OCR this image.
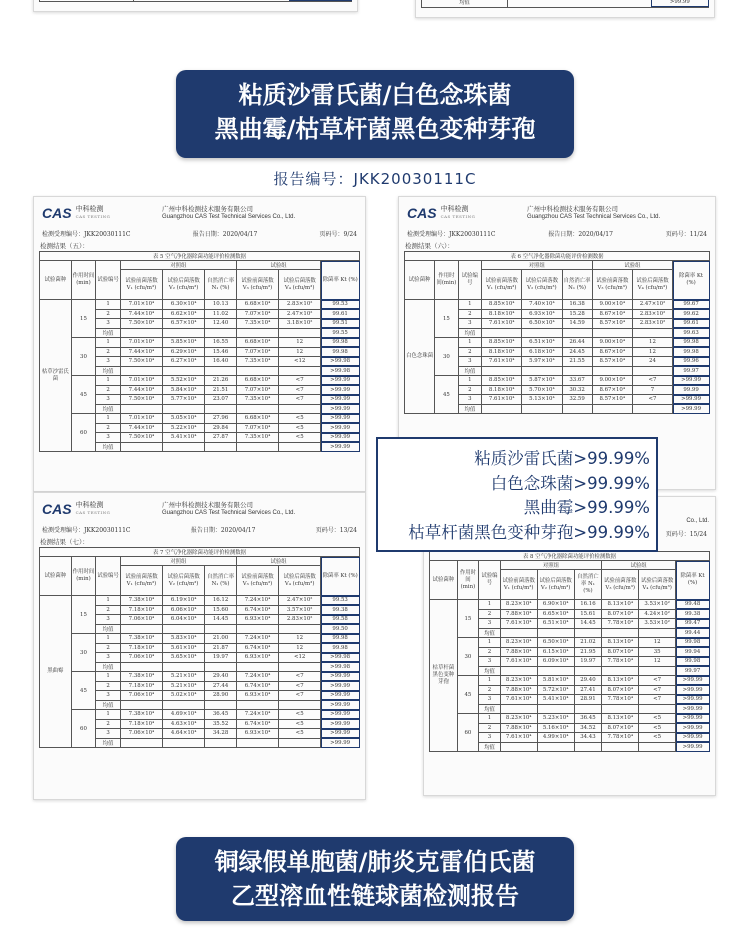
均值		>99.99
粘质沙雷氏菌/白色念珠菌
黑曲霉/枯草杆菌黑色变种芽孢
报告编号：JKK20030111C
CAS 中科检测
CAS TESTING
广州中科检测技术服务有限公司
Guangzhou CAS Test Technical Services Co., Ltd.
检测受理编号：JKK20030111C	报告日期：2020/04/17	页码号：9/24
检测结果（五）：
表 5 空气净化器除菌功能评价检测数据								
试验菌种	作用时间(min)	试验编号	对照组			试验组		除菌率 Kt (%)
			试验前菌落数 V₁ (cfu/m³)	试验后菌落数 V₂ (cfu/m³)	自然消亡率 N₁ (%)	试验前菌落数 V₃ (cfu/m³)	试验后菌落数 V₄ (cfu/m³)	
枯草沙雷氏菌	15	1	7.01×10⁴	6.30×10⁴	10.13	6.68×10⁴	2.83×10²	99.53
		2	7.44×10⁴	6.62×10⁴	11.02	7.07×10⁴	2.47×10²	99.61
		3	7.50×10⁴	6.57×10⁴	12.40	7.35×10⁴	3.18×10²	99.51
		均值						99.55
	30	1	7.01×10⁴	5.85×10⁴	16.55	6.68×10⁴	12	99.98
		2	7.44×10⁴	6.29×10⁴	15.46	7.07×10⁴	12	99.98
		3	7.50×10⁴	6.27×10⁴	16.40	7.35×10⁴	<12	>99.98
		均值						>99.98
	45	1	7.01×10⁴	5.52×10⁴	21.26	6.68×10⁴	<7	>99.99
		2	7.44×10⁴	5.84×10⁴	21.51	7.07×10⁴	<7	>99.99
		3	7.50×10⁴	5.77×10⁴	23.07	7.35×10⁴	<7	>99.99
		均值						>99.99
	60	1	7.01×10⁴	5.05×10⁴	27.96	6.68×10⁴	<5	>99.99
		2	7.44×10⁴	5.22×10⁴	29.84	7.07×10⁴	<5	>99.99
		3	7.50×10⁴	5.41×10⁴	27.87	7.35×10⁴	<5	>99.99
		均值						>99.99
CAS 中科检测
CAS TESTING
广州中科检测技术服务有限公司
Guangzhou CAS Test Technical Services Co., Ltd.
检测受理编号：JKK20030111C	报告日期：2020/04/17	页码号：11/24
检测结果（六）：
表 6 空气净化器除菌功能评价检测数据								
试验菌种	作用时间(min)	试验编号	对照组			试验组		除菌率 Kt (%)
			试验前菌落数 V₁ (cfu/m³)	试验后菌落数 V₂ (cfu/m³)	自然消亡率 N₁ (%)	试验前菌落数 V₃ (cfu/m³)	试验后菌落数 V₄ (cfu/m³)	
白色念珠菌	15	1	8.85×10⁴	7.40×10⁴	16.38	9.00×10⁴	2.47×10²	99.67
		2	8.18×10⁴	6.93×10⁴	15.28	8.67×10⁴	2.83×10²	99.62
		3	7.61×10⁴	6.50×10⁴	14.59	8.57×10⁴	2.83×10²	99.61
		均值						99.63
	30	1	8.85×10⁴	6.51×10⁴	26.44	9.00×10⁴	12	99.98
		2	8.18×10⁴	6.18×10⁴	24.45	8.67×10⁴	12	99.98
		3	7.61×10⁴	5.97×10⁴	21.55	8.57×10⁴	24	99.96
		均值						99.97
	45	1	8.85×10⁴	5.87×10⁴	33.67	9.00×10⁴	<7	>99.99
		2	8.18×10⁴	5.70×10⁴	30.32	8.67×10⁴	7	99.99
		3	7.61×10⁴	5.13×10⁴	32.59	8.57×10⁴	<7	>99.99
		均值						>99.99
CAS 中科检测
CAS TESTING
广州中科检测技术服务有限公司
Guangzhou CAS Test Technical Services Co., Ltd.
检测受理编号：JKK20030111C	报告日期：2020/04/17	页码号：13/24
检测结果（七）：
表 7 空气净化器除菌功能评价检测数据								
试验菌种	作用时间(min)	试验编号	对照组			试验组		除菌率 Kt (%)
			试验前菌落数 V₁ (cfu/m³)	试验后菌落数 V₂ (cfu/m³)	自然消亡率 N₁ (%)	试验前菌落数 V₃ (cfu/m³)	试验后菌落数 V₄ (cfu/m³)	
黑曲霉	15	1	7.38×10⁴	6.19×10⁴	16.12	7.24×10⁴	2.47×10²	99.53
		2	7.18×10⁴	6.06×10⁴	15.60	6.74×10⁴	3.57×10²	99.38
		3	7.06×10⁴	6.04×10⁴	14.45	6.93×10⁴	2.83×10²	99.58
		均值						99.50
	30	1	7.38×10⁴	5.83×10⁴	21.00	7.24×10⁴	12	99.98
		2	7.18×10⁴	5.61×10⁴	21.87	6.74×10⁴	12	99.98
		3	7.06×10⁴	5.65×10⁴	19.97	6.93×10⁴	<12	>99.98
		均值						>99.98
	45	1	7.38×10⁴	5.21×10⁴	29.40	7.24×10⁴	<7	>99.99
		2	7.18×10⁴	5.21×10⁴	27.44	6.74×10⁴	<7	>99.99
		3	7.06×10⁴	5.02×10⁴	28.90	6.93×10⁴	<7	>99.99
		均值						>99.99
	60	1	7.38×10⁴	4.69×10⁴	36.45	7.24×10⁴	<5	>99.99
		2	7.18×10⁴	4.63×10⁴	35.52	6.74×10⁴	<5	>99.99
		3	7.06×10⁴	4.64×10⁴	34.28	6.93×10⁴	<5	>99.99
		均值						>99.99
Co., Ltd.
页码号：15/24
表 8 空气净化器除菌功能评价检测数据								
试验菌种	作用时间(min)	试验编号	对照组			试验组		除菌率 Kt (%)
			试验前菌落数 V₁ (cfu/m³)	试验后菌落数 V₂ (cfu/m³)	自然消亡率 N₁ (%)	试验前菌落数 V₃ (cfu/m³)	试验后菌落数 V₄ (cfu/m³)	
枯草杆菌黑色变种芽孢	15	1	8.23×10⁴	6.90×10⁴	16.16	8.13×10⁴	3.53×10²	99.48
		2	7.88×10⁴	6.65×10⁴	15.61	8.07×10⁴	4.24×10²	99.38
		3	7.61×10⁴	6.51×10⁴	14.45	7.78×10⁴	3.53×10²	99.47
		均值						99.44
	30	1	8.23×10⁴	6.50×10⁴	21.02	8.13×10⁴	12	99.98
		2	7.88×10⁴	6.15×10⁴	21.95	8.07×10⁴	35	99.94
		3	7.61×10⁴	6.09×10⁴	19.97	7.78×10⁴	12	99.98
		均值						99.97
	45	1	8.23×10⁴	5.81×10⁴	29.40	8.13×10⁴	<7	>99.99
		2	7.88×10⁴	5.72×10⁴	27.41	8.07×10⁴	<7	>99.99
		3	7.61×10⁴	5.41×10⁴	28.91	7.78×10⁴	<7	>99.99
		均值						>99.99
	60	1	8.23×10⁴	5.23×10⁴	36.45	8.13×10⁴	<5	>99.99
		2	7.88×10⁴	5.16×10⁴	34.52	8.07×10⁴	<5	>99.99
		3	7.61×10⁴	4.99×10⁴	34.43	7.78×10⁴	<5	>99.99
		均值						>99.99
粘质沙雷氏菌>99.99%
白色念珠菌>99.99%
黑曲霉>99.99%
枯草杆菌黑色变种芽孢>99.99%
铜绿假单胞菌/肺炎克雷伯氏菌
乙型溶血性链球菌检测报告
